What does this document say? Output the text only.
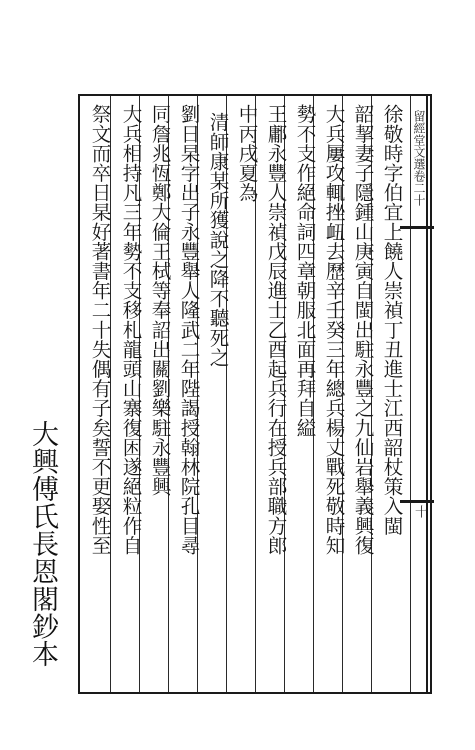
留經堂文選卷二十
十
徐敬時字伯宜上饒人崇禎丁丑進士江西韶杖策入閩
韶挈妻子隱鍾山庚寅自閩出駐永豐之九仙岩舉義興復
大兵屢攻輒挫衄去歷辛壬癸三年總兵楊丈戰死敬時知
勢不支作絕命詞四章朝服北面再拜自縊
王鄘永豐人崇禎戊辰進士乙酉起兵行在授兵部職方郎
中丙戌夏為
清師康某所獲說之降不聽死之
劉日杲字出子永豐舉人隆武二年陛謁授翰林院孔目尋
同詹兆恆鄭大倫王栻等奉詔出關劉樂駐永豐興
大兵相持凡三年勢不支移札龍頭山寨復困遂絕粒作自
祭文而卒日杲好著書年二十失偶有子矣誓不更娶性至
大興傅氏長恩閣鈔本
